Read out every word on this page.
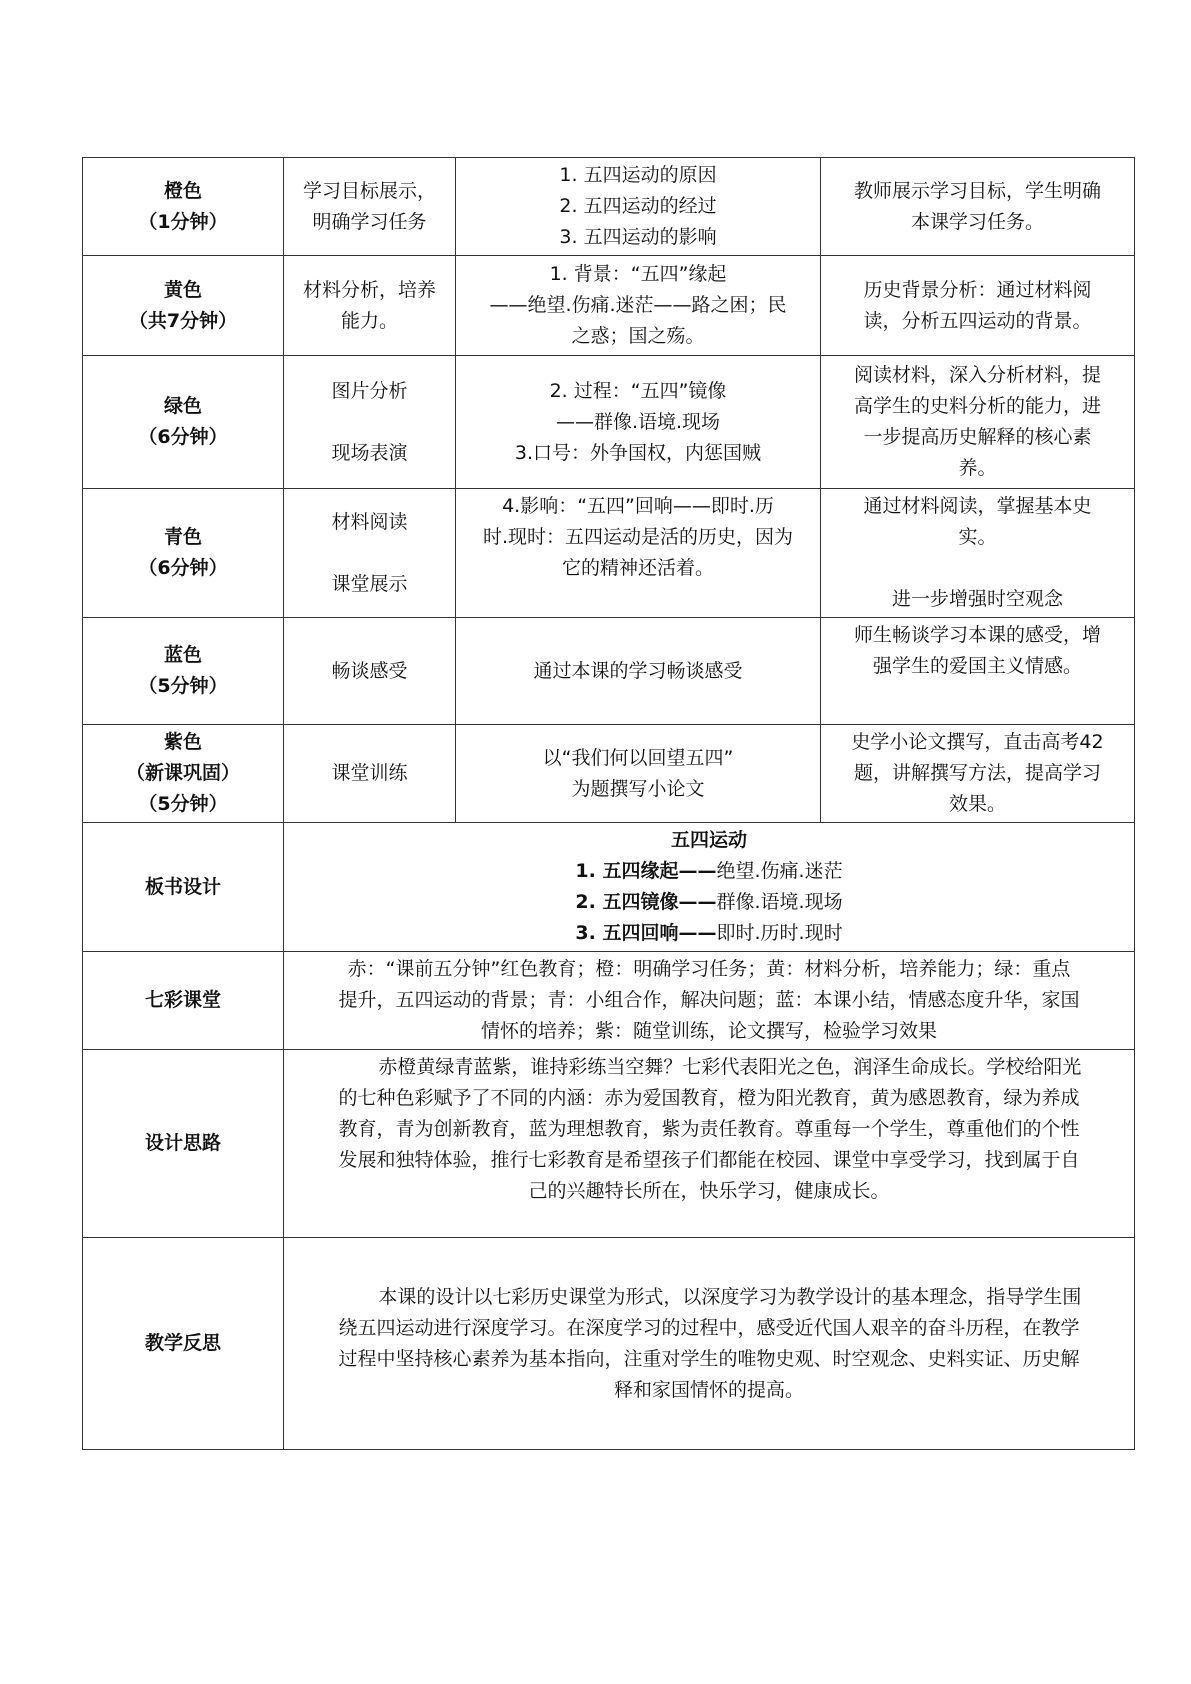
橙色
（1分钟）	学习目标展示，
明确学习任务	1. 五四运动的原因
2. 五四运动的经过
3. 五四运动的影响	教师展示学习目标，学生明确
本课学习任务。

黄色
（共7分钟）	材料分析，培养
能力。	1. 背景：“五四”缘起
——绝望.伤痛.迷茫——路之困；民
之惑；国之殇。	历史背景分析：通过材料阅
读，分析五四运动的背景。

绿色
（6分钟）	图片分析
现场表演	2. 过程：“五四”镜像
——群像.语境.现场
3.口号：外争国权，内惩国贼	阅读材料，深入分析材料，提
高学生的史料分析的能力，进
一步提高历史解释的核心素
养。

青色
（6分钟）	材料阅读
课堂展示	4.影响：“五四”回响——即时.历
时.现时：五四运动是活的历史，因为
它的精神还活着。	通过材料阅读，掌握基本史
实。
进一步增强时空观念

蓝色
（5分钟）	畅谈感受	通过本课的学习畅谈感受	师生畅谈学习本课的感受，增
强学生的爱国主义情感。

紫色
（新课巩固）
（5分钟）	课堂训练	以“我们何以回望五四”
为题撰写小论文	史学小论文撰写，直击高考42
题，讲解撰写方法，提高学习
效果。

板书设计	五四运动
1. 五四缘起——绝望.伤痛.迷茫
2. 五四镜像——群像.语境.现场
3. 五四回响——即时.历时.现时		

七彩课堂	赤：“课前五分钟”红色教育；橙：明确学习任务；黄：材料分析，培养能力；绿：重点
提升，五四运动的背景；青：小组合作，解决问题；蓝：本课小结，情感态度升华，家国
情怀的培养；紫：随堂训练，论文撰写，检验学习效果		

设计思路	赤橙黄绿青蓝紫，谁持彩练当空舞？七彩代表阳光之色，润泽生命成长。学校给阳光
的七种色彩赋予了不同的内涵：赤为爱国教育，橙为阳光教育，黄为感恩教育，绿为养成
教育，青为创新教育，蓝为理想教育，紫为责任教育。尊重每一个学生，尊重他们的个性
发展和独特体验，推行七彩教育是希望孩子们都能在校园、课堂中享受学习，找到属于自
己的兴趣特长所在，快乐学习，健康成长。		

教学反思	本课的设计以七彩历史课堂为形式，以深度学习为教学设计的基本理念，指导学生围
绕五四运动进行深度学习。在深度学习的过程中，感受近代国人艰辛的奋斗历程，在教学
过程中坚持核心素养为基本指向，注重对学生的唯物史观、时空观念、史料实证、历史解
释和家国情怀的提高。		
